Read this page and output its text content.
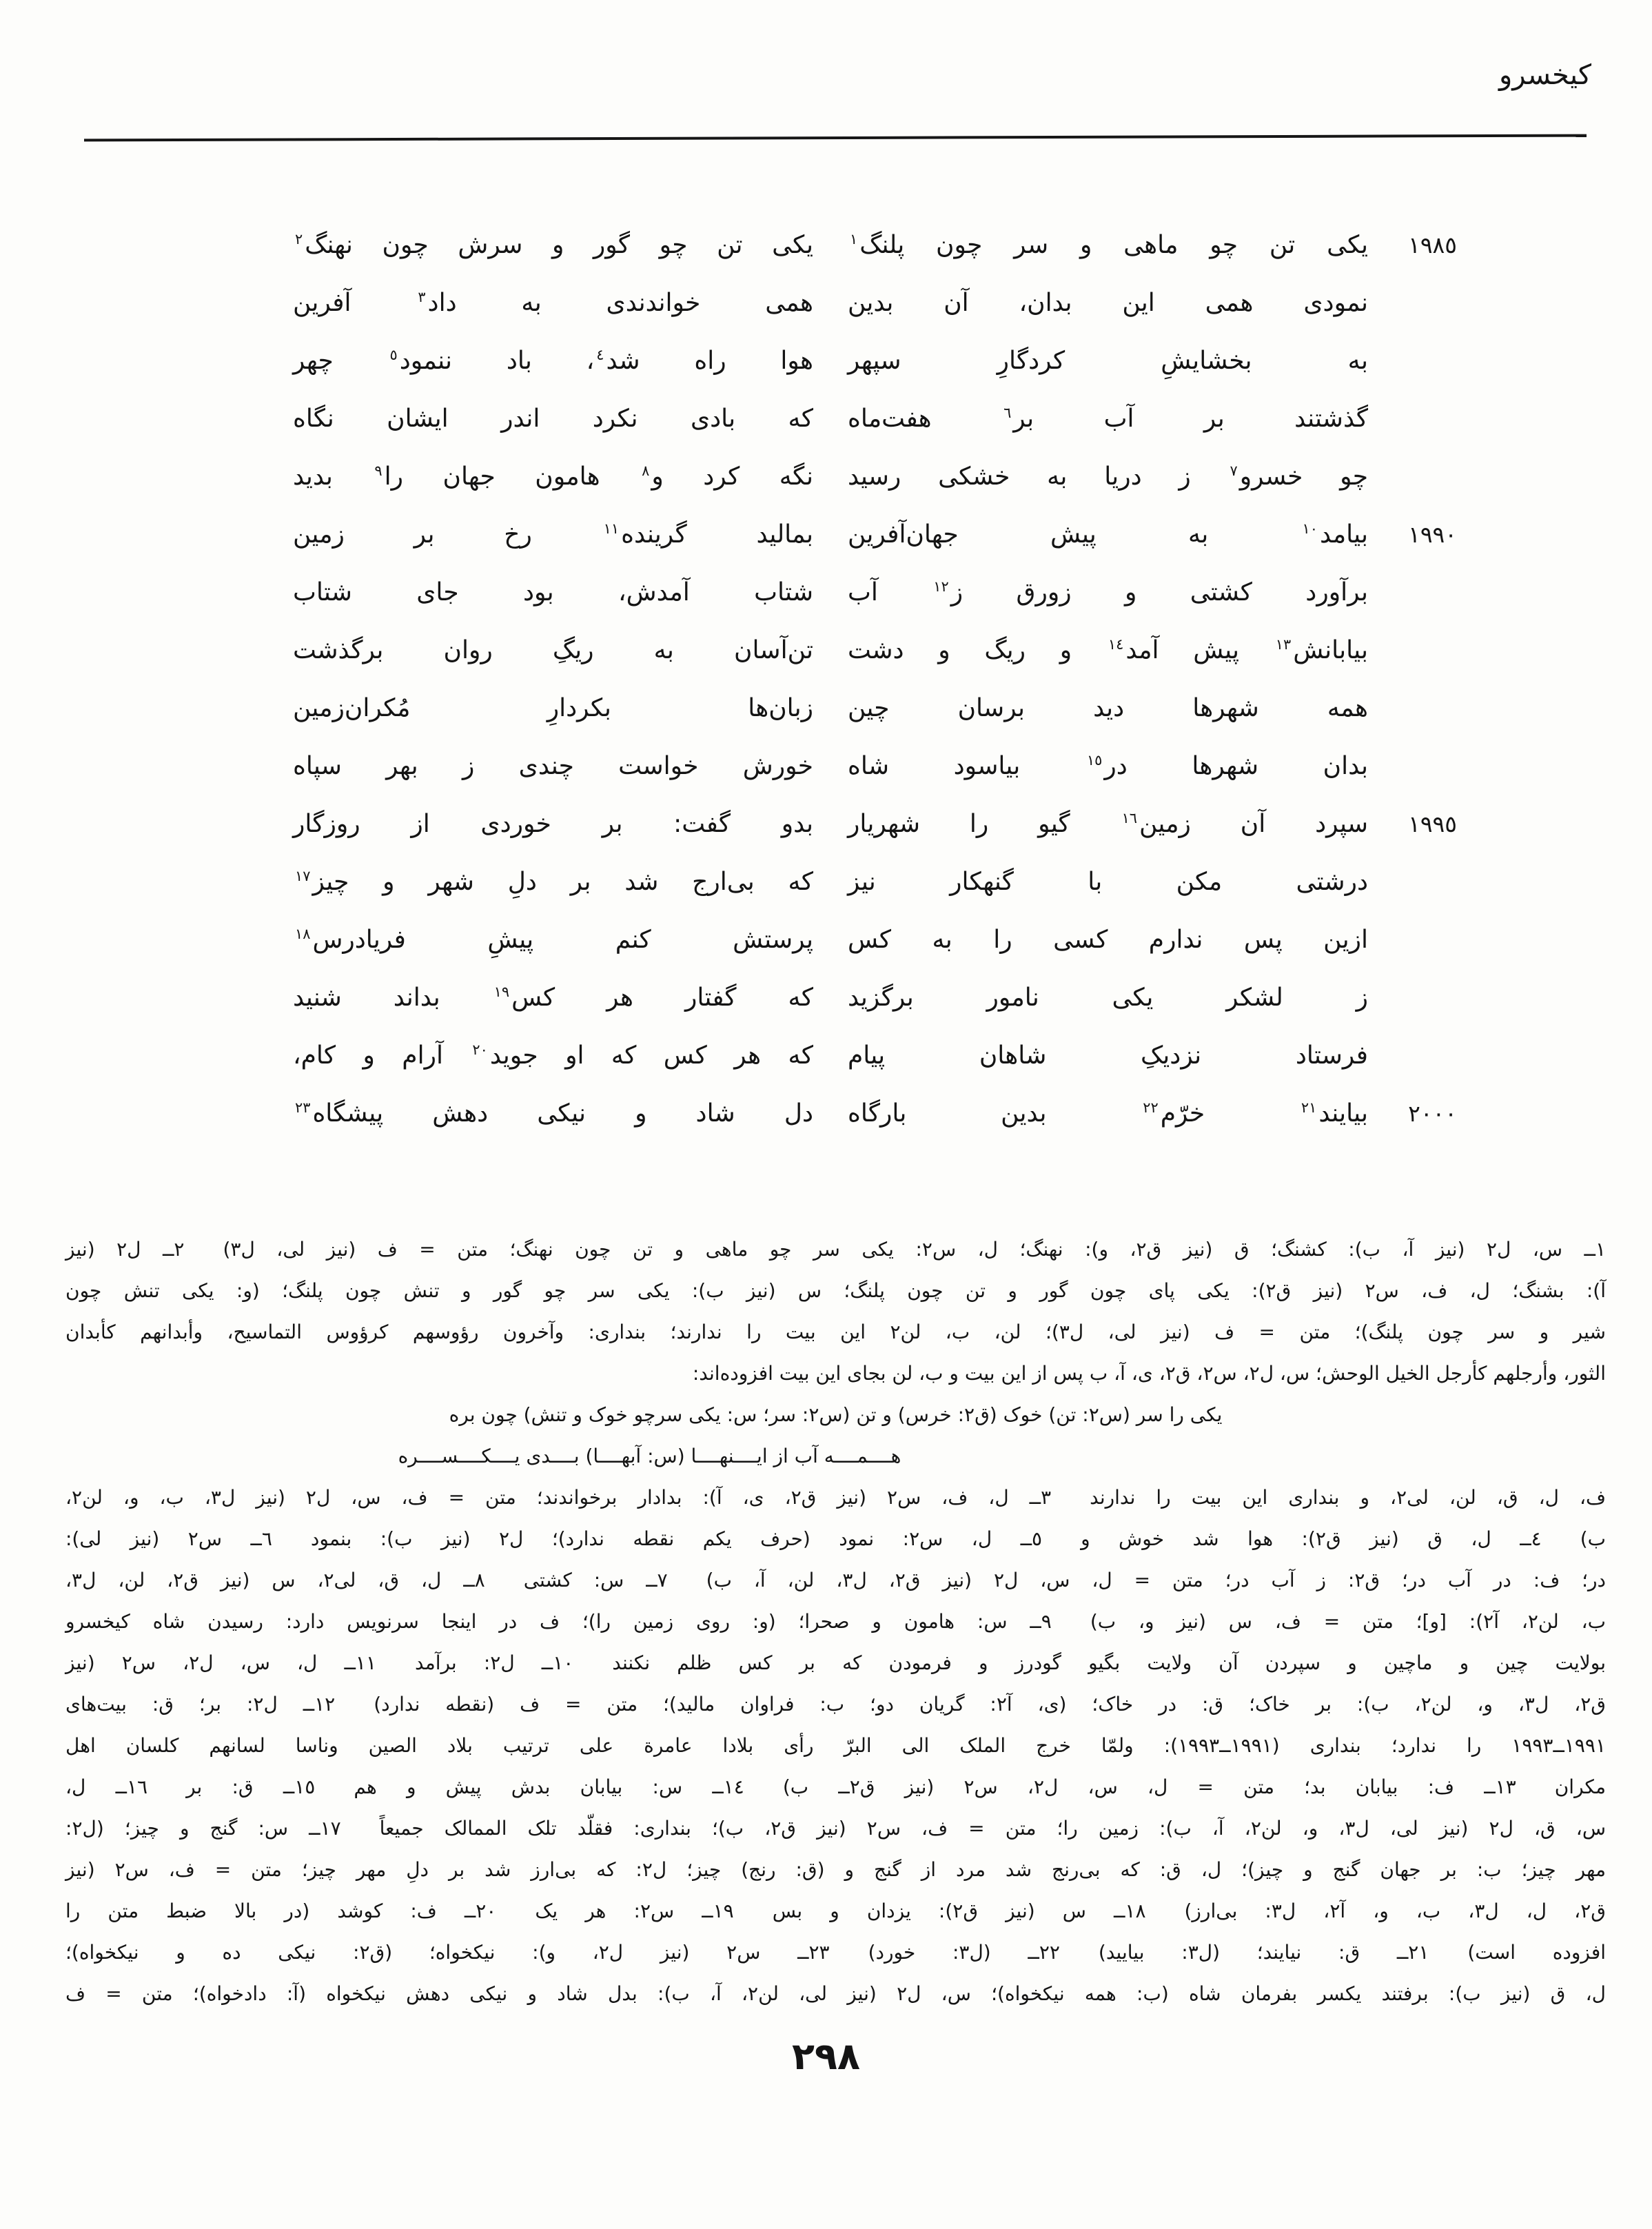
کیخسرو
١٩٨٥
یکی تن چو ماهی و سر چون پلنگ$^١$
یکی تن چو گور و سرش چون نهنگ$^٢$
نمودی همی این بدان، آن بدین
همی خواندندی به داد$^٣$ آفرین
به بخشایشِ کردگارِ سپهر
هوا راه شد$^٤$، باد ننمود$^٥$ چهر
گذشتند بر آب بر$^٦$ هفت‌ماه
که بادی نکرد اندر ایشان نگاه
چو خسرو$^٧$ ز دریا به خشکی رسید
نگه کرد و$^٨$ هامون جهان را$^٩$ بدید
١٩٩٠
بیامد$^{١٠}$ به پیش جهان‌آفرین
بمالید گرینده$^{١١}$ رخ بر زمین
برآورد کشتی و زورق ز$^{١٢}$ آب
شتاب آمدش، بود جای شتاب
بیابانش$^{١٣}$ پیش آمد$^{١٤}$ و ریگ و دشت
تن‌آسان به ریگِ روان برگذشت
همه شهرها دید برسان چین
زبان‌ها بکردارِ مُکران‌زمین
بدان شهرها در$^{١٥}$ بیاسود شاه
خورش خواست چندی ز بهر سپاه
١٩٩٥
سپرد آن زمین$^{١٦}$ گیو را شهریار
بدو گفت: بر خوردی از روزگار
درشتی مکن با گنهکار نیز
که بی‌ارج شد بر دلِ شهر و چیز$^{١٧}$
ازین پس ندارم کسی را به کس
پرستش کنم پیشِ فریادرس$^{١٨}$
ز لشکر یکی نامور برگزید
که گفتار هر کس$^{١٩}$ بداند شنید
فرستاد نزدیکِ شاهان پیام
که هر کس که او جوید$^{٢٠}$ آرام و کام،
٢٠٠٠
بیایند$^{٢١}$ خرّم$^{٢٢}$ بدین بارگاه
دل شاد و نیکی دهش پیشگاه$^{٢٣}$
١ــ س، ل٢ (نیز آ، ب): کشنگ؛ ق (نیز ق٢، و): نهنگ؛ ل، س٢: یکی سر چو ماهی و تن چون نهنگ؛ متن = ف (نیز لی، ل٣)  ٢ــ ل٢ (نیز
آ): بشنگ؛ ل، ف، س٢ (نیز ق٢): یکی پای چون گور و تن چون پلنگ؛ س (نیز ب): یکی سر چو گور و تنش چون پلنگ؛ (و: یکی تنش چون
شیر و سر چون پلنگ)؛ متن = ف (نیز لی، ل٣)؛ لن، ب، لن٢ این بیت را ندارند؛ بنداری: وآخرون رؤوسهم کرؤوس التماسیح، وأبدانهم کأبدان
الثور، وأرجلهم کأرجل الخیل الوحش؛ س، ل٢، س٢، ق٢، ی، آ، ب پس از این بیت و ب، لن بجای این بیت افزوده‌اند:
یکی را سر (س٢: تن) خوک (ق٢: خرس) و تن (س٢: سر؛ س: یکی سرچو خوک و تنش) چون بره
هــــمــــه آب از ایــــنهــــا (س: آبهــــا) بــــدی یــــکــــســــره
ف، ل، ق، لن، لی٢، و بنداری این بیت را ندارند  ٣ــ ل، ف، س٢ (نیز ق٢، ی، آ): بدادار برخواندند؛ متن = ف، س، ل٢ (نیز ل٣، ب، و، لن٢،
ب)  ٤ــ ل، ق (نیز ق٢): هوا شد خوش و  ٥ــ ل، س٢: نمود (حرف یکم نقطه ندارد)؛ ل٢ (نیز ب): بنمود  ٦ــ س٢ (نیز لی):
در؛ ف: در آب در؛ ق٢: ز آب در؛ متن = ل، س، ل٢ (نیز ق٢، ل٣، لن، آ، ب)  ٧ــ س: کشتی  ٨ــ ل، ق، لی٢، س (نیز ق٢، لن، ل٣،
ب، لن٢، آ٢): [و]؛ متن = ف، س (نیز و، ب)  ٩ــ س: هامون و صحرا؛ (و: روی زمین را)؛ ف در اینجا سرنویس دارد: رسیدن شاه کیخسرو
بولایت چین و ماچین و سپردن آن ولایت بگیو گودرز و فرمودن که بر کس ظلم نکنند  ١٠ــ ل٢: برآمد  ١١ــ ل، س، ل٢، س٢ (نیز
ق٢، ل٣، و، لن٢، ب): بر خاک؛ ق: در خاک؛ (ی، آ٢: گریان دو؛ ب: فراوان مالید)؛ متن = ف (نقطه ندارد)  ١٢ــ ل٢: بر؛ ق: بیت‌های
١٩٩١ــ١٩٩٣ را ندارد؛ بنداری (١٩٩١ــ١٩٩٣): ولمّا خرج الملک الی البرّ رأی بلادا عامرة علی ترتیب بلاد الصین وناسا لسانهم کلسان اهل
مکران  ١٣ــ ف: بیابان بد؛ متن = ل، س، ل٢، س٢ (نیز ق٢ــ ب)  ١٤ــ س: بیابان بدش پیش و هم  ١٥ــ ق: بر  ١٦ــ ل،
س، ق، ل٢ (نیز لی، ل٣، و، لن٢، آ، ب): زمین را؛ متن = ف، س٢ (نیز ق٢، ب)؛ بنداری: فقلّد تلک الممالک جمیعاً  ١٧ــ س: گنج و چیز؛ (ل٢:
مهر چیز؛ ب: بر جهان گنج و چیز)؛ ل، ق: که بی‌رنج شد مرد از گنج و (ق: رنج) چیز؛ ل٢: که بی‌ارز شد بر دلِ مهر چیز؛ متن = ف، س٢ (نیز
ق٢، ل، ل٣، ب، و، آ٢، ل٣: بی‌ارز)  ١٨ــ س (نیز ق٢): یزدان و بس  ١٩ــ س٢: هر یک  ٢٠ــ ف: کوشد (در بالا ضبط متن را
افزوده است)  ٢١ــ ق: نیایند؛ (ل٣: بیایید)  ٢٢ــ (ل٣: خورد)  ٢٣ــ س٢ (نیز ل٢، و): نیکخواه؛ (ق٢: نیکی ده و نیکخواه)؛
ل، ق (نیز ب): برفتند یکسر بفرمان شاه (ب: همه نیکخواه)؛ س، ل٢ (نیز لی، لن٢، آ، ب): بدل شاد و نیکی دهش نیکخواه (آ: دادخواه)؛ متن = ف
٢٩٨
